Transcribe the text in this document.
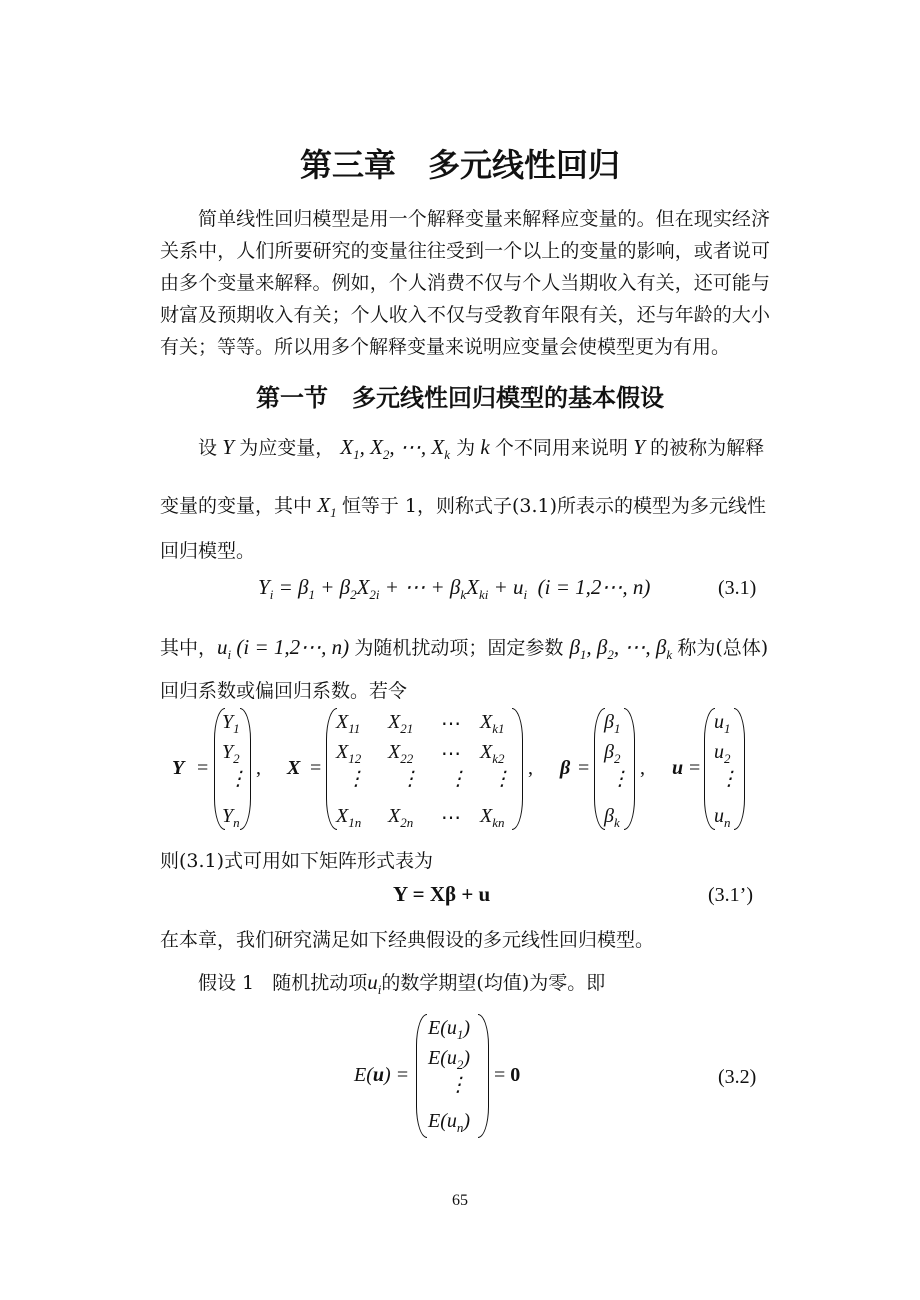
第三章　多元线性回归
简单线性回归模型是用一个解释变量来解释应变量的。但在现实经济关系中，人们所要研究的变量往往受到一个以上的变量的影响，或者说可由多个变量来解释。例如，个人消费不仅与个人当期收入有关，还可能与财富及预期收入有关；个人收入不仅与受教育年限有关，还与年龄的大小有关；等等。所以用多个解释变量来说明应变量会使模型更为有用。
第一节　多元线性回归模型的基本假设
设 Y 为应变量， $X_1$, $X_2$, ⋯, $X_k$ 为 k 个不同用来说明 Y 的被称为解释
变量的变量，其中 $X_1$ 恒等于 1，则称式子(3.1)所表示的模型为多元线性
回归模型。
$Y_i = \beta_1 + \beta_2X_{2i}$ + ⋯ + $\beta_kX_{ki} + u_i$  (i = 1,2⋯, n)	(3.1)
其中，$u_i$ (i = 1,2⋯, n) 为随机扰动项；固定参数 $\beta_1$, $\beta_2$, ⋯, $\beta_k$ 称为(总体)
回归系数或偏回归系数。若令
Y =
$Y_1$
$Y_2$
⋮
$Y_n$
, X =
$X_{11}$ $X_{21}$ ⋯ $X_{k1}$
$X_{12}$ $X_{22}$ ⋯ $X_{k2}$
⋮ ⋮ ⋮ ⋮
$X_{1n}$ $X_{2n}$ ⋯ $X_{kn}$
, β =
$\beta_1$
$\beta_2$
⋮
$\beta_k$
, u =
$u_1$
$u_2$
⋮
$u_n$
则(3.1)式可用如下矩阵形式表为
Y = Xβ + u	(3.1’)
在本章，我们研究满足如下经典假设的多元线性回归模型。
假设 1 随机扰动项$u_i$的数学期望(均值)为零。即
E(u) =
$E(u_1)$
$E(u_2)$
⋮
$E(u_n)$
= 0	(3.2)
65
